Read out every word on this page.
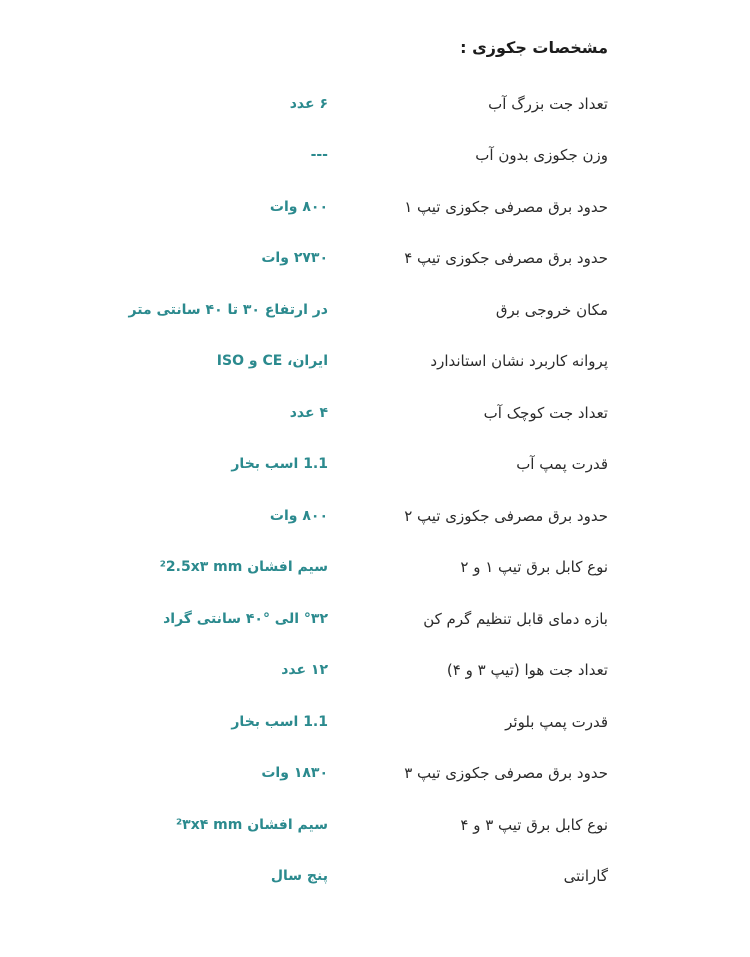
مشخصات جکوزی :
تعداد جت بزرگ آب
۶ عدد
وزن جکوزی بدون آب
---
حدود برق مصرفی جکوزی تیپ ۱
۸۰۰ وات
حدود برق مصرفی جکوزی تیپ ۴
۲۷۳۰ وات
مکان خروجی برق
در ارتفاع ۳۰ تا ۴۰ سانتی متر
پروانه کاربرد نشان استاندارد
ایران، CE و ISO
تعداد جت کوچک آب
۴ عدد
قدرت پمپ آب
1.1 اسب بخار
حدود برق مصرفی جکوزی تیپ ۲
۸۰۰ وات
نوع کابل برق تیپ ۱ و ۲
سیم افشان ²2.5x۳ mm
بازه دمای قابل تنظیم گرم کن
°۳۲ الی °۴۰ سانتی گراد
تعداد جت هوا (تیپ ۳ و ۴)
۱۲ عدد
قدرت پمپ بلوئر
1.1 اسب بخار
حدود برق مصرفی جکوزی تیپ ۳
۱۸۳۰ وات
نوع کابل برق تیپ ۳ و ۴
سیم افشان ²۳x۴ mm
گارانتی
پنج سال
